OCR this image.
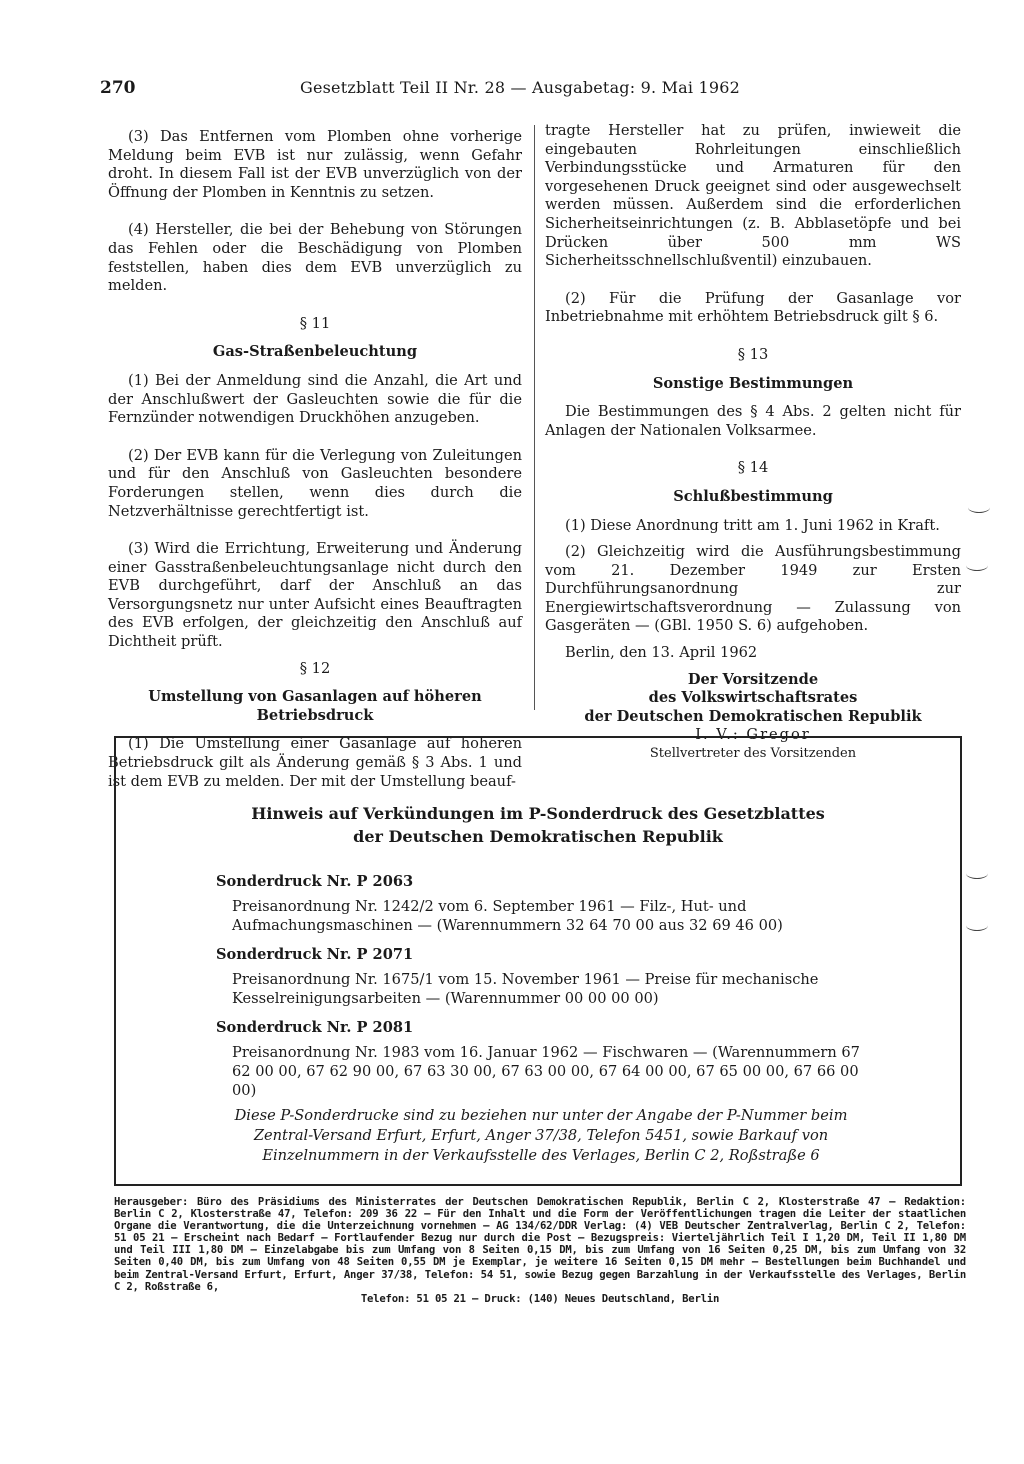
270	Gesetzblatt Teil II Nr. 28 — Ausgabetag: 9. Mai 1962

(3) Das Entfernen vom Plomben ohne vorherige Meldung beim EVB ist nur zulässig, wenn Gefahr droht. In diesem Fall ist der EVB unverzüglich von der Öffnung der Plomben in Kenntnis zu setzen.

(4) Hersteller, die bei der Behebung von Störungen das Fehlen oder die Beschädigung von Plomben feststellen, haben dies dem EVB unverzüglich zu melden.

§ 11
Gas-Straßenbeleuchtung

(1) Bei der Anmeldung sind die Anzahl, die Art und der Anschlußwert der Gasleuchten sowie die für die Fernzünder notwendigen Druckhöhen anzugeben.

(2) Der EVB kann für die Verlegung von Zuleitungen und für den Anschluß von Gasleuchten besondere Forderungen stellen, wenn dies durch die Netzverhältnisse gerechtfertigt ist.

(3) Wird die Errichtung, Erweiterung und Änderung einer Gasstraßenbeleuchtungsanlage nicht durch den EVB durchgeführt, darf der Anschluß an das Versorgungsnetz nur unter Aufsicht eines Beauftragten des EVB erfolgen, der gleichzeitig den Anschluß auf Dichtheit prüft.

§ 12
Umstellung von Gasanlagen auf höheren Betriebsdruck

(1) Die Umstellung einer Gasanlage auf höheren Betriebsdruck gilt als Änderung gemäß § 3 Abs. 1 und ist dem EVB zu melden. Der mit der Umstellung beauf-

tragte Hersteller hat zu prüfen, inwieweit die eingebauten Rohrleitungen einschließlich Verbindungsstücke und Armaturen für den vorgesehenen Druck geeignet sind oder ausgewechselt werden müssen. Außerdem sind die erforderlichen Sicherheitseinrichtungen (z. B. Abblasetöpfe und bei Drücken über 500 mm WS Sicherheitsschnellschlußventil) einzubauen.

(2) Für die Prüfung der Gasanlage vor Inbetriebnahme mit erhöhtem Betriebsdruck gilt § 6.

§ 13
Sonstige Bestimmungen

Die Bestimmungen des § 4 Abs. 2 gelten nicht für Anlagen der Nationalen Volksarmee.

§ 14
Schlußbestimmung

(1) Diese Anordnung tritt am 1. Juni 1962 in Kraft.

(2) Gleichzeitig wird die Ausführungsbestimmung vom 21. Dezember 1949 zur Ersten Durchführungsanordnung zur Energiewirtschaftsverordnung — Zulassung von Gasgeräten — (GBl. 1950 S. 6) aufgehoben.

Berlin, den 13. April 1962

Der Vorsitzende
des Volkswirtschaftsrates
der Deutschen Demokratischen Republik
I. V.: Gregor
Stellvertreter des Vorsitzenden
Hinweis auf Verkündungen im P-Sonderdruck des Gesetzblattes
der Deutschen Demokratischen Republik
Sonderdruck Nr. P 2063
Preisanordnung Nr. 1242/2 vom 6. September 1961 — Filz-, Hut- und Aufmachungsmaschinen — (Warennummern 32 64 70 00 aus 32 69 46 00)
Sonderdruck Nr. P 2071
Preisanordnung Nr. 1675/1 vom 15. November 1961 — Preise für mechanische Kesselreinigungsarbeiten — (Warennummer 00 00 00 00)
Sonderdruck Nr. P 2081
Preisanordnung Nr. 1983 vom 16. Januar 1962 — Fischwaren — (Warennummern 67 62 00 00, 67 62 90 00, 67 63 30 00, 67 63 00 00, 67 64 00 00, 67 65 00 00, 67 66 00 00)
Diese P-Sonderdrucke sind zu beziehen nur unter der Angabe der P-Nummer beim Zentral-Versand Erfurt, Erfurt, Anger 37/38, Telefon 5451, sowie Barkauf von Einzelnummern in der Verkaufsstelle des Verlages, Berlin C 2, Roßstraße 6
Herausgeber: Büro des Präsidiums des Ministerrates der Deutschen Demokratischen Republik, Berlin C 2, Klosterstraße 47 — Redaktion: Berlin C 2, Klosterstraße 47, Telefon: 209 36 22 — Für den Inhalt und die Form der Veröffentlichungen tragen die Leiter der staatlichen Organe die Verantwortung, die die Unterzeichnung vornehmen — AG 134/62/DDR Verlag: (4) VEB Deutscher Zentralverlag, Berlin C 2, Telefon: 51 05 21 — Erscheint nach Bedarf — Fortlaufender Bezug nur durch die Post — Bezugspreis: Vierteljährlich Teil I 1,20 DM, Teil II 1,80 DM und Teil III 1,80 DM — Einzelabgabe bis zum Umfang von 8 Seiten 0,15 DM, bis zum Umfang von 16 Seiten 0,25 DM, bis zum Umfang von 32 Seiten 0,40 DM, bis zum Umfang von 48 Seiten 0,55 DM je Exemplar, je weitere 16 Seiten 0,15 DM mehr — Bestellungen beim Buchhandel und beim Zentral-Versand Erfurt, Erfurt, Anger 37/38, Telefon: 54 51, sowie Bezug gegen Barzahlung in der Verkaufsstelle des Verlages, Berlin C 2, Roßstraße 6,
Telefon: 51 05 21 — Druck: (140) Neues Deutschland, Berlin
